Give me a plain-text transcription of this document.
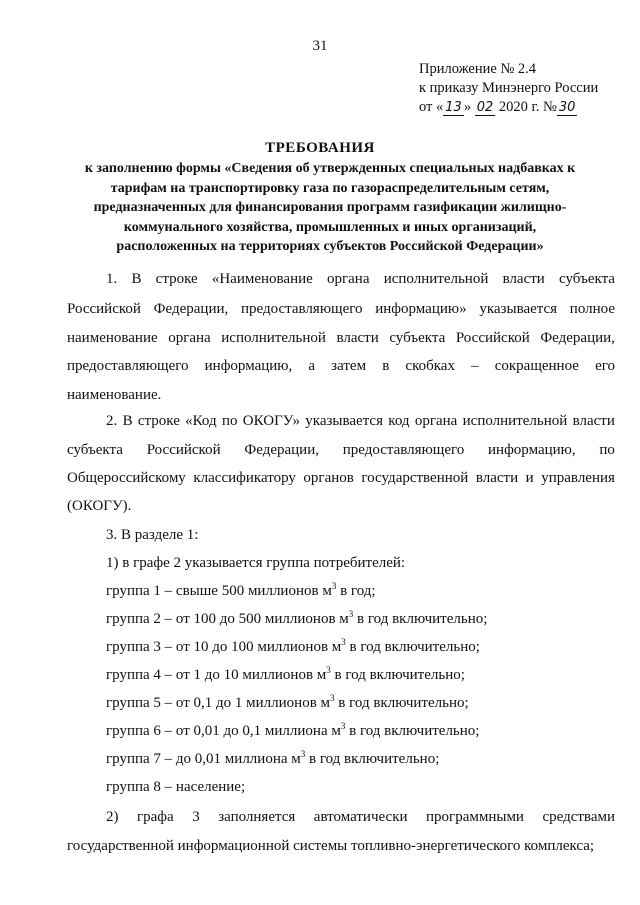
31
Приложение № 2.4
к приказу Минэнерго России
от « 13 » 02 2020 г. № 30
ТРЕБОВАНИЯ
к заполнению формы «Сведения об утвержденных специальных надбавках к
тарифам на транспортировку газа по газораспределительным сетям,
предназначенных для финансирования программ газификации жилищно-
коммунального хозяйства, промышленных и иных организаций,
расположенных на территориях субъектов Российской Федерации»
1. В строке «Наименование органа исполнительной власти субъекта
Российской Федерации, предоставляющего информацию» указывается полное
наименование органа исполнительной власти субъекта Российской Федерации,
предоставляющего информацию, а затем в скобках – сокращенное его
наименование.
2. В строке «Код по ОКОГУ» указывается код органа исполнительной власти
субъекта Российской Федерации, предоставляющего информацию, по
Общероссийскому классификатору органов государственной власти и управления
(ОКОГУ).
3. В разделе 1:
1) в графе 2 указывается группа потребителей:
группа 1 – свыше 500 миллионов $м^3$ в год;
группа 2 – от 100 до 500 миллионов $м^3$ в год включительно;
группа 3 – от 10 до 100 миллионов $м^3$ в год включительно;
группа 4 – от 1 до 10 миллионов $м^3$ в год включительно;
группа 5 – от 0,1 до 1 миллионов $м^3$ в год включительно;
группа 6 – от 0,01 до 0,1 миллиона $м^3$ в год включительно;
группа 7 – до 0,01 миллиона $м^3$ в год включительно;
группа 8 – население;
2) графа 3 заполняется автоматически программными средствами
государственной информационной системы топливно-энергетического комплекса;
